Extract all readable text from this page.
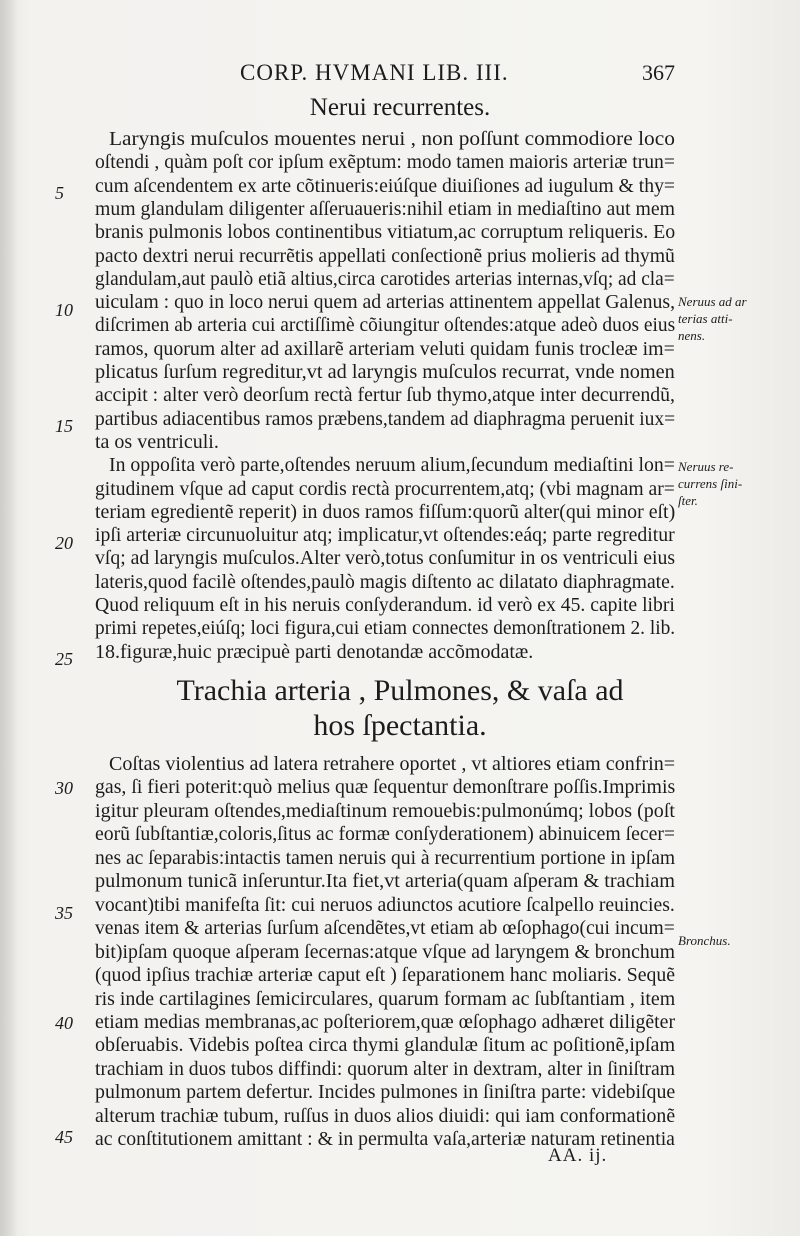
CORP. HVMANI LIB. III.	367
Nerui recurrentes.
Laryngis muſculos mouentes nerui , non poſſunt commodiore loco
oſtendi , quàm poſt cor ipſum exẽptum: modo tamen maioris arteriæ trun=
cum aſcendentem ex arte cõtinueris:eiúſque diuiſiones ad iugulum & thy=
mum glandulam diligenter aſſeruaueris:nihil etiam in mediaſtino aut mem
branis pulmonis lobos continentibus vitiatum,ac corruptum reliqueris. Eo
pacto dextri nerui recurrẽtis appellati conſectionẽ prius molieris ad thymũ
glandulam,aut paulò etiã altius,circa carotides arterias internas,vſq; ad cla=
uiculam : quo in loco nerui quem ad arterias attinentem appellat Galenus,
diſcrimen ab arteria cui arctiſſimè cõiungitur oſtendes:atque adeò duos eius
ramos, quorum alter ad axillarẽ arteriam veluti quidam funis trocleæ im=
plicatus ſurſum regreditur,vt ad laryngis muſculos recurrat, vnde nomen
accipit : alter verò deorſum rectà fertur ſub thymo,atque inter decurrendũ,
partibus adiacentibus ramos præbens,tandem ad diaphragma peruenit iux=
ta os ventriculi.
In oppoſita verò parte,oſtendes neruum alium,ſecundum mediaſtini lon=
gitudinem vſque ad caput cordis rectà procurrentem,atq; (vbi magnam ar=
teriam egredientẽ reperit) in duos ramos fiſſum:quorũ alter(qui minor eſt)
ipſi arteriæ circunuoluitur atq; implicatur,vt oſtendes:eáq; parte regreditur
vſq; ad laryngis muſculos.Alter verò,totus conſumitur in os ventriculi eius
lateris,quod facilè oſtendes,paulò magis diſtento ac dilatato diaphragmate.
Quod reliquum eſt in his neruis conſyderandum. id verò ex 45. capite libri
primi repetes,eiúſq; loci figura,cui etiam connectes demonſtrationem 2. lib.
18.figuræ,huic præcipuè parti denotandæ accõmodatæ.
Trachia arteria , Pulmones, & vaſa ad
hos ſpectantia.
Coſtas violentius ad latera retrahere oportet , vt altiores etiam confrin=
gas, ſi fieri poterit:quò melius quæ ſequentur demonſtrare poſſis.Imprimis
igitur pleuram oſtendes,mediaſtinum remouebis:pulmonúmq; lobos (poſt
eorũ ſubſtantiæ,coloris,ſitus ac formæ conſyderationem) abinuicem ſecer=
nes ac ſeparabis:intactis tamen neruis qui à recurrentium portione in ipſam
pulmonum tunicã inſeruntur.Ita fiet,vt arteria(quam aſperam & trachiam
vocant)tibi manifeſta ſit: cui neruos adiunctos acutiore ſcalpello reuincies.
venas item & arterias ſurſum aſcendẽtes,vt etiam ab œſophago(cui incum=
bit)ipſam quoque aſperam ſecernas:atque vſque ad laryngem & bronchum
(quod ipſius trachiæ arteriæ caput eſt ) ſeparationem hanc moliaris. Sequẽ
ris inde cartilagines ſemicirculares, quarum formam ac ſubſtantiam , item
etiam medias membranas,ac poſteriorem,quæ œſophago adhæret diligẽter
obſeruabis. Videbis poſtea circa thymi glandulæ ſitum ac poſitionẽ,ipſam
trachiam in duos tubos diffindi: quorum alter in dextram, alter in ſiniſtram
pulmonum partem defertur. Incides pulmones in ſiniſtra parte: videbiſque
alterum trachiæ tubum, ruſſus in duos alios diuidi: qui iam conformationẽ
ac conſtitutionem amittant : & in permulta vaſa,arteriæ naturam retinentia
5
10
15
20
25
30
35
40
45
Neruus ad ar
terias atti-
nens.
Neruus re-
currens ſini-
ſter.
Bronchus.
AA. ij.
